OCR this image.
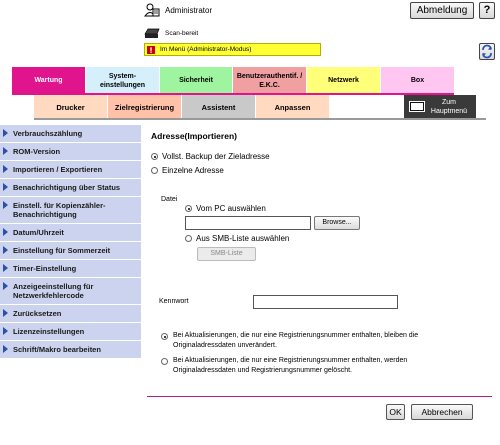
Administrator	Abmeldung	?
Scan-bereit
Im Menü (Administrator-Modus)
Wartung
System-
einstellungen
Sicherheit
Benutzerauthentif. /
E.K.C.
Netzwerk	Box
Drucker	Zielregistrierung	Assistent	Anpassen	Zum
Hauptmenü
Verbrauchszählung
ROM-Version
Importieren / Exportieren
Benachrichtigung über Status
Einstell. für Kopienzähler-
Benachrichtigung
Datum/Uhrzeit
Einstellung für Sommerzeit
Timer-Einstellung
Anzeigeeinstellung für
Netzwerkfehlercode
Zurücksetzen
Lizenzeinstellungen
Schrift/Makro bearbeiten
Adresse(Importieren)
Vollst. Backup der Zieladresse
Einzelne Adresse
Datei
Vom PC auswählen
Browse...
Aus SMB-Liste auswählen
SMB-Liste
Kennwort
Bei Aktualisierungen, die nur eine Registrierungsnummer enthalten, bleiben die Originaladressdaten unverändert.
Bei Aktualisierungen, die nur eine Registrierungsnummer enthalten, werden Originaladressdaten und Registrierungsnummer gelöscht.
OK	Abbrechen
